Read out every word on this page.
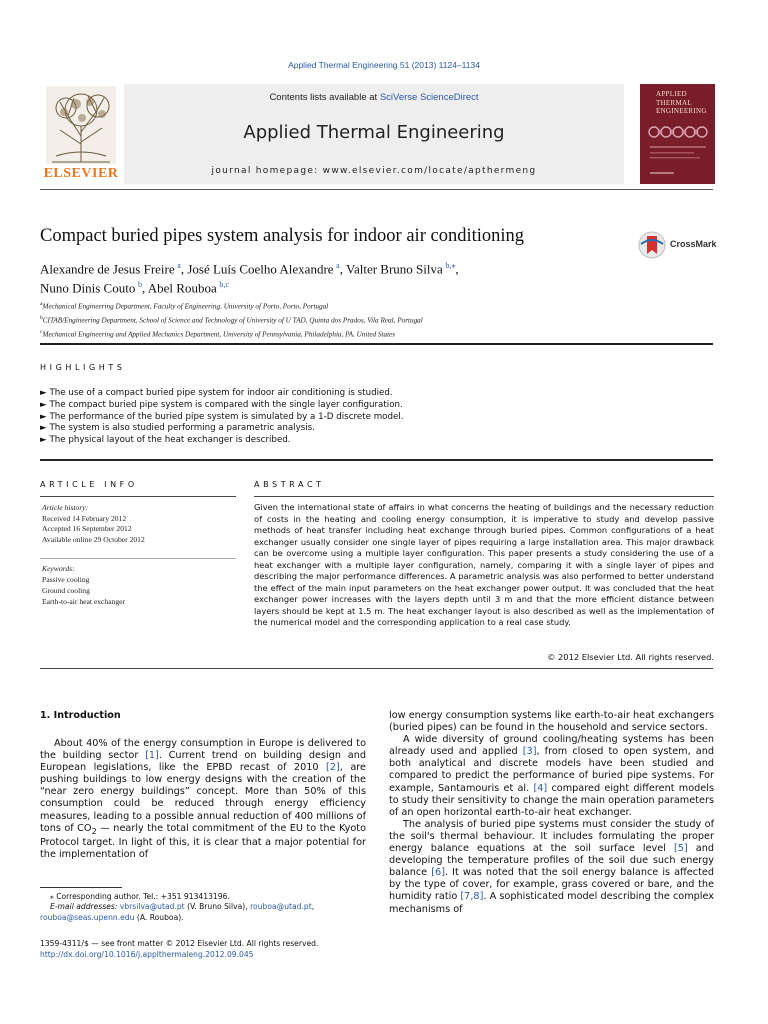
Applied Thermal Engineering 51 (2013) 1124–1134
ELSEVIER
Contents lists available at SciVerse ScienceDirect
Applied Thermal Engineering
journal homepage: www.elsevier.com/locate/apthermeng
APPLIED
THERMAL
ENGINEERING
Compact buried pipes system analysis for indoor air conditioning	CrossMark
Alexandre de Jesus Freire  $^a$, José Luís Coelho Alexandre  $^a$, Valter Bruno Silva  $^{b,⁎}$,
Nuno Dinis Couto  $^b$, Abel Rouboa  $^{b,c}$
$^a$Mechanical Engineering Department, Faculty of Engineering, University of Porto, Porto, Portugal
$^b$CITAB/Engineering Department, School of Science and Technology of University of U TAD, Quinta dos Prados, Vila Real, Portugal
$^c$Mechanical Engineering and Applied Mechanics Department, University of Pennsylvania, Philadelphia, PA, United States
HIGHLIGHTS
► The use of a compact buried pipe system for indoor air conditioning is studied.
► The compact buried pipe system is compared with the single layer configuration.
► The performance of the buried pipe system is simulated by a 1-D discrete model.
► The system is also studied performing a parametric analysis.
► The physical layout of the heat exchanger is described.
ARTICLE INFO	ABSTRACT
Article history:
Received 14 February 2012
Accepted 16 September 2012
Available online 29 October 2012
Keywords:
Passive cooling
Ground cooling
Earth-to-air heat exchanger
Given the international state of affairs in what concerns the heating of buildings and the necessary reduction of costs in the heating and cooling energy consumption, it is imperative to study and develop passive methods of heat transfer including heat exchange through buried pipes. Common configurations of a heat exchanger usually consider one single layer of pipes requiring a large installation area. This major drawback can be overcome using a multiple layer configuration. This paper presents a study considering the use of a heat exchanger with a multiple layer configuration, namely, comparing it with a single layer of pipes and describing the major performance differences. A parametric analysis was also performed to better understand the effect of the main input parameters on the heat exchanger power output. It was concluded that the heat exchanger power increases with the layers depth until 3 m and that the more efficient distance between layers should be kept at 1.5 m. The heat exchanger layout is also described as well as the implementation of the numerical model and the corresponding application to a real case study.
© 2012 Elsevier Ltd. All rights reserved.
1. Introduction

About 40% of the energy consumption in Europe is delivered to the building sector [1]. Current trend on building design and European legislations, like the EPBD recast of 2010 [2], are pushing buildings to low energy designs with the creation of the “near zero energy buildings” concept. More than 50% of this consumption could be reduced through energy efficiency measures, leading to a possible annual reduction of 400 millions of tons of $CO_2$ — nearly the total commitment of the EU to the Kyoto Protocol target. In light of this, it is clear that a major potential for the implementation of

low energy consumption systems like earth-to-air heat exchangers (buried pipes) can be found in the household and service sectors.

A wide diversity of ground cooling/heating systems has been already used and applied [3], from closed to open system, and both analytical and discrete models have been studied and compared to predict the performance of buried pipe systems. For example, Santamouris et al. [4] compared eight different models to study their sensitivity to change the main operation parameters of an open horizontal earth-to-air heat exchanger.

The analysis of buried pipe systems must consider the study of the soil's thermal behaviour. It includes formulating the proper energy balance equations at the soil surface level [5] and developing the temperature profiles of the soil due such energy balance [6]. It was noted that the soil energy balance is affected by the type of cover, for example, grass covered or bare, and the humidity ratio [7,8]. A sophisticated model describing the complex mechanisms of

⁎ Corresponding author. Tel.: +351 913413196.
E-mail addresses: vbrsilva@utad.pt (V. Bruno Silva), rouboa@utad.pt, rouboa@seas.upenn.edu (A. Rouboa).
1359-4311/$ — see front matter © 2012 Elsevier Ltd. All rights reserved.
http://dx.doi.org/10.1016/j.applthermaleng.2012.09.045
